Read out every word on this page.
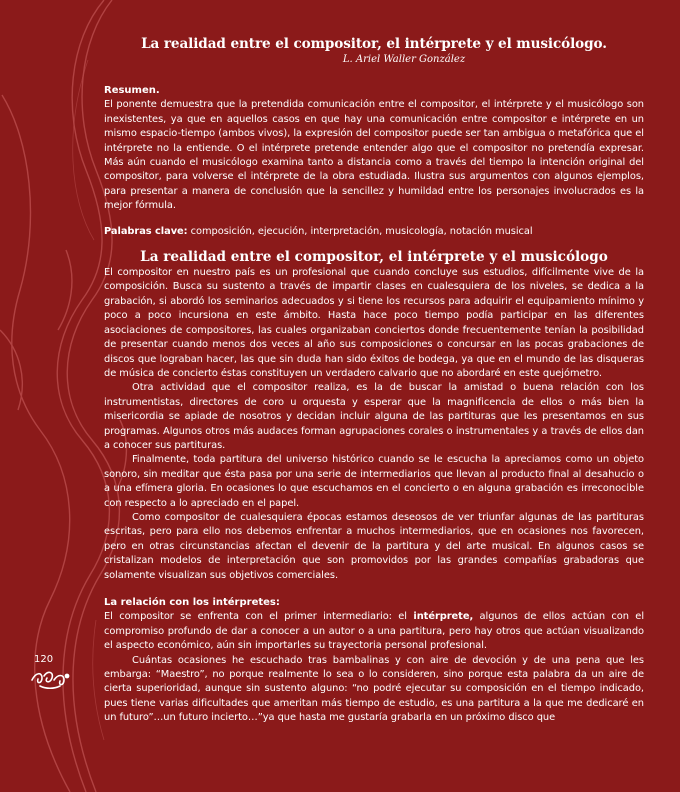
120
La realidad entre el compositor, el intérprete y el musicólogo.
L. Ariel Waller González
Resumen.

El ponente demuestra que la pretendida comunicación entre el compositor, el intérprete y el musicólogo son inexistentes, ya que en aquellos casos en que hay una comunicación entre compositor e intérprete en un mismo espacio-tiempo (ambos vivos), la expresión del compositor puede ser tan ambigua o metafórica que el intérprete no la entiende. O el intérprete pretende entender algo que el compositor no pretendía expresar. Más aún cuando el musicólogo examina tanto a distancia como a través del tiempo la intención original del compositor, para volverse el intérprete de la obra estudiada. Ilustra sus argumentos con algunos ejemplos, para presentar a manera de conclusión que la sencillez y humildad entre los personajes involucrados es la mejor fórmula.

Palabras clave: composición, ejecución, interpretación, musicología, notación musical

La realidad entre el compositor, el intérprete y el musicólogo

El compositor en nuestro país es un profesional que cuando concluye sus estudios, difícilmente vive de la composición. Busca su sustento a través de impartir clases en cualesquiera de los niveles, se dedica a la grabación, si abordó los seminarios adecuados y si tiene los recursos para adquirir el equipamiento mínimo y poco a poco incursiona en este ámbito. Hasta hace poco tiempo podía participar en las diferentes asociaciones de compositores, las cuales organizaban conciertos donde frecuentemente tenían la posibilidad de presentar cuando menos dos veces al año sus composiciones o concursar en las pocas grabaciones de discos que lograban hacer, las que sin duda han sido éxitos de bodega, ya que en el mundo de las disqueras de música de concierto éstas constituyen un verdadero calvario que no abordaré en este quejómetro.

Otra actividad que el compositor realiza, es la de buscar la amistad o buena relación con los instrumentistas, directores de coro u orquesta y esperar que la magnificencia de ellos o más bien la misericordia se apiade de nosotros y decidan incluir alguna de las partituras que les presentamos en sus programas. Algunos otros más audaces forman agrupaciones corales o instrumentales y a través de ellos dan a conocer sus partituras.

Finalmente, toda partitura del universo histórico cuando se le escucha la apreciamos como un objeto sonoro, sin meditar que ésta pasa por una serie de intermediarios que llevan al producto final al desahucio o a una efímera gloria. En ocasiones lo que escuchamos en el concierto o en alguna grabación es irreconocible con respecto a lo apreciado en el papel.

Como compositor de cualesquiera épocas estamos deseosos de ver triunfar algunas de las partituras escritas, pero para ello nos debemos enfrentar a muchos intermediarios, que en ocasiones nos favorecen, pero en otras circunstancias afectan el devenir de la partitura y del arte musical. En algunos casos se cristalizan modelos de interpretación que son promovidos por las grandes compañías grabadoras que solamente visualizan sus objetivos comerciales.

La relación con los intérpretes:

El compositor se enfrenta con el primer intermediario: el intérprete, algunos de ellos actúan con el compromiso profundo de dar a conocer a un autor o a una partitura, pero hay otros que actúan visualizando el aspecto económico, aún sin importarles su trayectoria personal profesional.

Cuántas ocasiones he escuchado tras bambalinas y con aire de devoción y de una pena que les embarga: “Maestro”, no porque realmente lo sea o lo consideren, sino porque esta palabra da un aire de cierta superioridad, aunque sin sustento alguno: “no podré ejecutar su composición en el tiempo indicado, pues tiene varias dificultades que ameritan más tiempo de estudio, es una partitura a la que me dedicaré en un futuro”…un futuro incierto…”ya que hasta me gustaría grabarla en un próximo disco que
